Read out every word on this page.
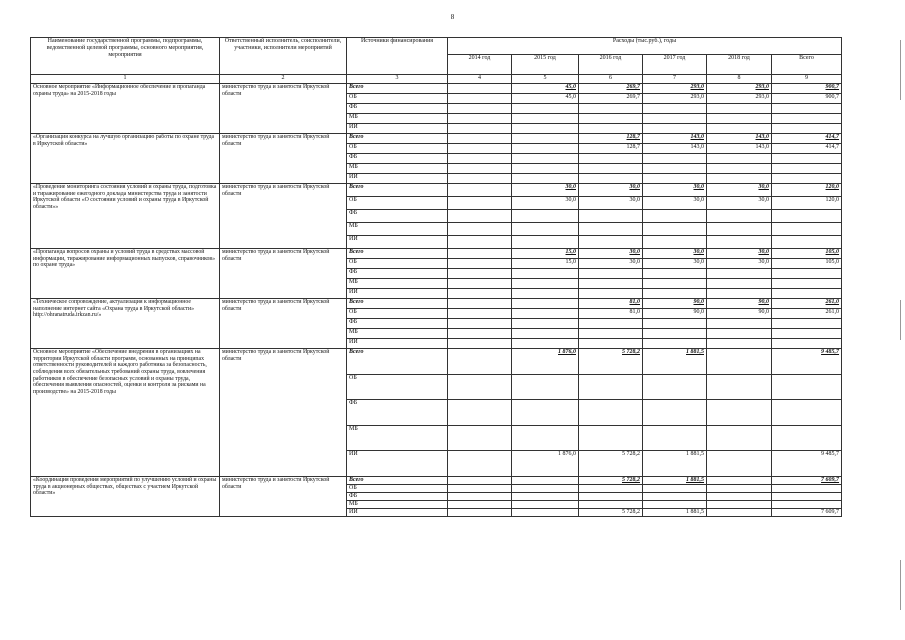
8
Наименование государственной программы, подпрограммы, ведомственной целевой программы, основного мероприятия, мероприятия	Ответственный исполнитель, соисполнители, участники, исполнители мероприятий	Источники финансирования	Расходы (тыс.руб.), годы					
			2014 год	2015 год	2016 год	2017 год	2018 год	Всего
1	2	3	4	5	6	7	8	9
Основное мероприятие «Информационное обеспечение и пропаганда охраны труда» на 2015-2018 годы	министерство труда и занятости Иркутской области	Всего		45,0	269,7	293,0	293,0	900,7
		ОБ		45,0	269,7	293,0	293,0	900,7
		ФБ						
		МБ						
		ИИ						
«Организация конкурса на лучшую организацию работы по охране труда в Иркутской области»	министерство труда и занятости Иркутской области	Всего			128,7	143,0	143,0	414,7
		ОБ			128,7	143,0	143,0	414,7
		ФБ						
		МБ						
		ИИ						
«Проведение мониторинга состояния условий и охраны труда, подготовка и тиражирование ежегодного доклада министерства труда и занятости Иркутской области «О состоянии условий и охраны труда в Иркутской области»»	министерство труда и занятости Иркутской области	Всего		30,0	30,0	30,0	30,0	120,0
		ОБ		30,0	30,0	30,0	30,0	120,0
		ФБ						
		МБ						
		ИИ						
«Пропаганда вопросов охраны и условий труда в средствах массовой информации, тиражирование информационных выпусков, справочников» по охране труда»	министерство труда и занятости Иркутской области	Всего		15,0	30,0	30,0	30,0	105,0
		ОБ		15,0	30,0	30,0	30,0	105,0
		ФБ						
		МБ						
		ИИ						
«Техническое сопровождение, актуализация к информационное наполнение интернет сайта «Охрана труда в Иркутской области» http://ohranatruda.irkzan.ru/»	министерство труда и занятости Иркутской области	Всего			81,0	90,0	90,0	261,0
		ОБ			81,0	90,0	90,0	261,0
		ФБ						
		МБ						
		ИИ						
Основное мероприятие «Обеспечение внедрения в организациях на территории Иркутской области программ, основанных на принципах ответственности руководителей и каждого работника за безопасность, соблюдения всех обязательных требований охраны труда, вовлечения работников в обеспечение безопасных условий и охраны труда, обеспечения выявления опасностей, оценки и контроля за рисками на производстве» на 2015-2018 годы	министерство труда и занятости Иркутской области	Всего		1 876,0	5 728,2	1 881,5		9 485,7
		ОБ						
		ФБ						
		МБ						
		ИИ		1 876,0	5 728,2	1 881,5		9 485,7
«Координация проведения мероприятий по улучшению условий и охраны труда в акционерных обществах, обществах с участием Иркутской области»	министерство труда и занятости Иркутской области	Всего			5 728,2	1 881,5		7 609,7
		ОБ						
		ФБ						
		МБ						
		ИИ			5 728,2	1 881,5		7 609,7
